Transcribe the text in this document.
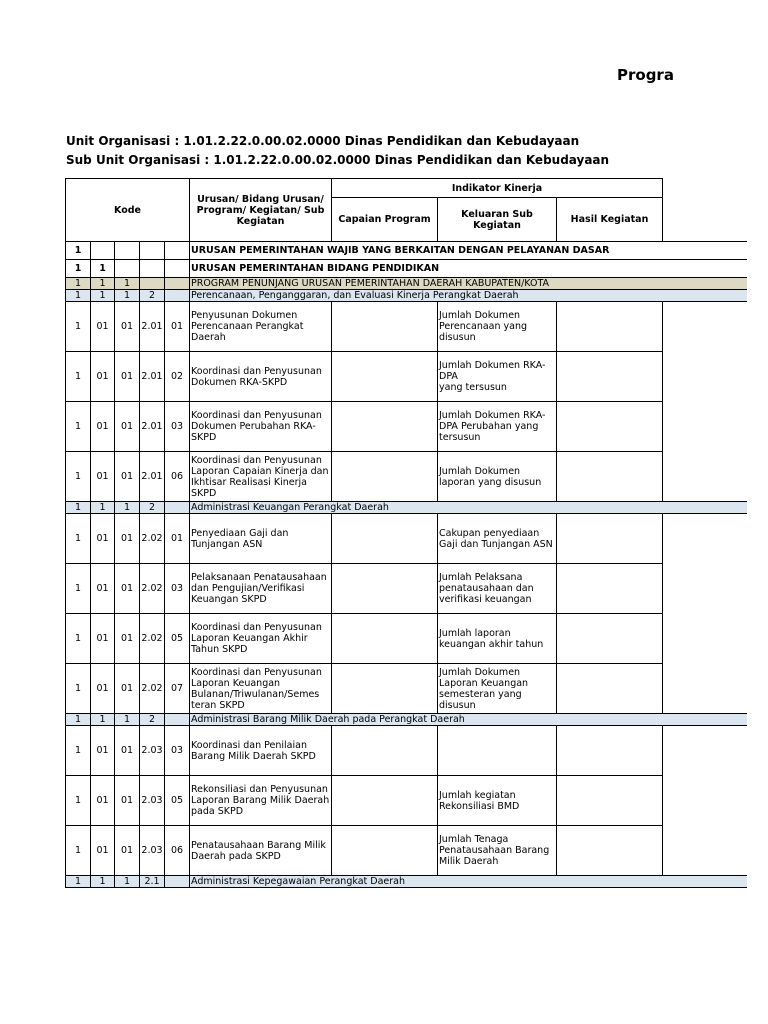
Progra
Unit Organisasi : 1.01.2.22.0.00.02.0000 Dinas Pendidikan dan Kebudayaan
Sub Unit Organisasi : 1.01.2.22.0.00.02.0000 Dinas Pendidikan dan Kebudayaan
Kode					Urusan/ Bidang Urusan/ Program/ Kegiatan/ Sub Kegiatan	Indikator Kinerja			
						Capaian Program	Keluaran Sub Kegiatan	Hasil Kegiatan	
1					URUSAN PEMERINTAHAN WAJIB YANG BERKAITAN DENGAN PELAYANAN DASAR				
1	1				URUSAN PEMERINTAHAN BIDANG PENDIDIKAN				
1	1	1			PROGRAM PENUNJANG URUSAN PEMERINTAHAN DAERAH KABUPATEN/KOTA				
1	1	1	2		Perencanaan, Penganggaran, dan Evaluasi Kinerja Perangkat Daerah				
1	01	01	2.01	01	Penyusunan Dokumen Perencanaan Perangkat Daerah		Jumlah Dokumen Perencanaan yang disusun		
1	01	01	2.01	02	Koordinasi dan Penyusunan Dokumen RKA-SKPD		Jumlah Dokumen RKA-DPA
yang tersusun		
1	01	01	2.01	03	Koordinasi dan Penyusunan Dokumen Perubahan RKA-SKPD		Jumlah Dokumen RKA-DPA Perubahan yang tersusun		
1	01	01	2.01	06	Koordinasi dan Penyusunan Laporan Capaian Kinerja dan Ikhtisar Realisasi Kinerja SKPD		Jumlah Dokumen laporan yang disusun		
1	1	1	2		Administrasi Keuangan Perangkat Daerah				
1	01	01	2.02	01	Penyediaan Gaji dan Tunjangan ASN		Cakupan penyediaan Gaji dan Tunjangan ASN		
1	01	01	2.02	03	Pelaksanaan Penatausahaan dan Pengujian/Verifikasi Keuangan SKPD		Jumlah Pelaksana penatausahaan dan verifikasi keuangan		
1	01	01	2.02	05	Koordinasi dan Penyusunan Laporan Keuangan Akhir Tahun SKPD		Jumlah laporan keuangan akhir tahun		
1	01	01	2.02	07	Koordinasi dan Penyusunan Laporan Keuangan Bulanan/Triwulanan/Semes teran SKPD		Jumlah Dokumen Laporan Keuangan semesteran yang disusun		
1	1	1	2		Administrasi Barang Milik Daerah pada Perangkat Daerah				
1	01	01	2.03	03	Koordinasi dan Penilaian Barang Milik Daerah SKPD				
1	01	01	2.03	05	Rekonsiliasi dan Penyusunan Laporan Barang Milik Daerah pada SKPD		Jumlah kegiatan Rekonsiliasi BMD		
1	01	01	2.03	06	Penatausahaan Barang Milik Daerah pada SKPD		Jumlah Tenaga Penatausahaan Barang Milik Daerah		
1	1	1	2.1		Administrasi Kepegawaian Perangkat Daerah				
